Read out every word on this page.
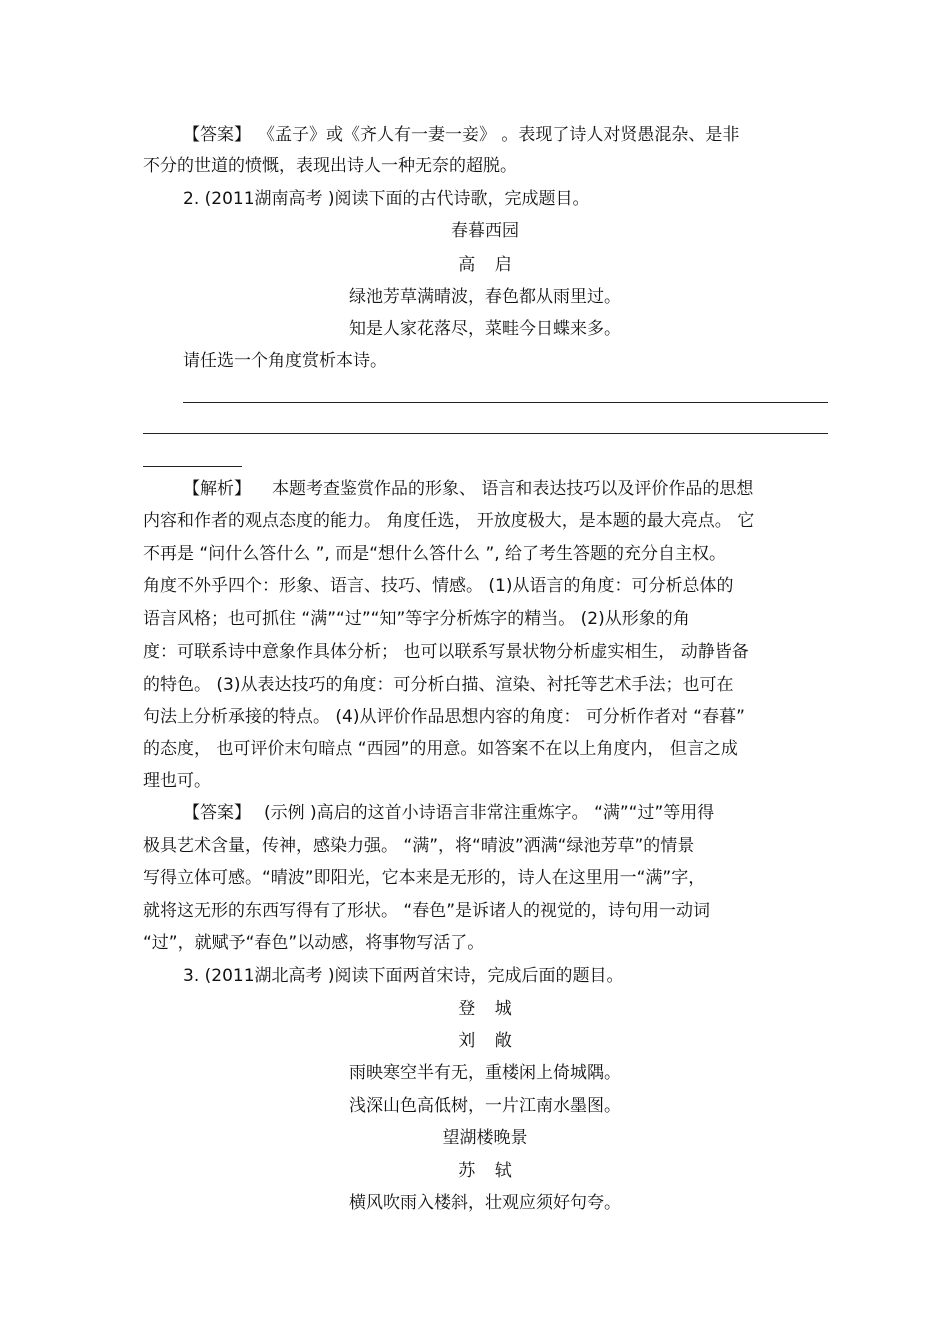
【答案】 《孟子》或《齐人有一妻一妾》 。表现了诗人对贤愚混杂、是非
不分的世道的愤慨，表现出诗人一种无奈的超脱。
2. (2011湖南高考 )阅读下面的古代诗歌，完成题目。
春暮西园
高 启
绿池芳草满晴波，春色都从雨里过。
知是人家花落尽，菜畦今日蝶来多。
请任选一个角度赏析本诗。
【解析】 本题考查鉴赏作品的形象、 语言和表达技巧以及评价作品的思想
内容和作者的观点态度的能力。 角度任选， 开放度极大，是本题的最大亮点。 它
不再是 “问什么答什么 ”, 而是“想什么答什么 ”, 给了考生答题的充分自主权。
角度不外乎四个：形象、语言、技巧、情感。 (1)从语言的角度：可分析总体的
语言风格；也可抓住 “满”“过”“知”等字分析炼字的精当。 (2)从形象的角
度：可联系诗中意象作具体分析； 也可以联系写景状物分析虚实相生， 动静皆备
的特色。 (3)从表达技巧的角度：可分析白描、渲染、衬托等艺术手法；也可在
句法上分析承接的特点。 (4)从评价作品思想内容的角度： 可分析作者对 “春暮”
的态度， 也可评价末句暗点 “西园”的用意。如答案不在以上角度内， 但言之成
理也可。
【答案】 (示例 )高启的这首小诗语言非常注重炼字。 “满”“过”等用得
极具艺术含量，传神，感染力强。 “满”，将“晴波”洒满“绿池芳草”的情景
写得立体可感。“晴波”即阳光，它本来是无形的，诗人在这里用一“满”字，
就将这无形的东西写得有了形状。 “春色”是诉诸人的视觉的，诗句用一动词
“过”，就赋予“春色”以动感，将事物写活了。
3. (2011湖北高考 )阅读下面两首宋诗，完成后面的题目。
登 城
刘 敞
雨映寒空半有无，重楼闲上倚城隅。
浅深山色高低树，一片江南水墨图。
望湖楼晚景
苏 轼
横风吹雨入楼斜，壮观应须好句夸。
